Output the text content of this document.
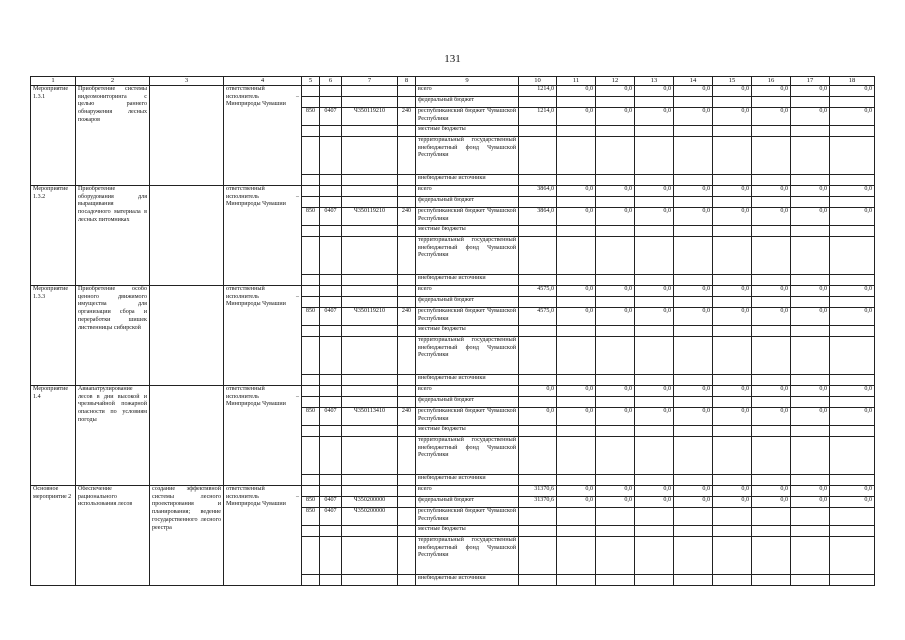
131
1	2	3	4	5	6	7	8	9	10	11	12	13	14	15	16	17	18
Мероприятие 1.3.1	Приобретение системы видеомониторинга с целью раннего обнаружения лесных пожаров		ответственный исполнитель – Минприроды Чувашии					всего	1214,0	0,0	0,0	0,0	0,0	0,0	0,0	0,0	0,0
								федеральный бюджет									
				850	0407	Ч350119210	240	республиканский бюджет Чувашской Республики	1214,0	0,0	0,0	0,0	0,0	0,0	0,0	0,0	0,0
								местные бюджеты									
								территориальный государственный внебюджетный фонд Чувашской Республики									
								внебюджетные источники									
Мероприятие 1.3.2	Приобретение оборудования для выращивания посадочного материала в лесных питомниках		ответственный исполнитель – Минприроды Чувашии					всего	3864,0	0,0	0,0	0,0	0,0	0,0	0,0	0,0	0,0
								федеральный бюджет									
				850	0407	Ч350119210	240	республиканский бюджет Чувашской Республики	3864,0	0,0	0,0	0,0	0,0	0,0	0,0	0,0	0,0
								местные бюджеты									
								территориальный государственный внебюджетный фонд Чувашской Республики									
								внебюджетные источники									
Мероприятие 1.3.3	Приобретение особо ценного движимого имущества для организации сбора и переработки шишек лиственницы сибирской		ответственный исполнитель – Минприроды Чувашии					всего	4575,0	0,0	0,0	0,0	0,0	0,0	0,0	0,0	0,0
								федеральный бюджет									
				850	0407	Ч350119210	240	республиканский бюджет Чувашской Республики	4575,0	0,0	0,0	0,0	0,0	0,0	0,0	0,0	0,0
								местные бюджеты									
								территориальный государственный внебюджетный фонд Чувашской Республики									
								внебюджетные источники									
Мероприятие 1.4	Авиапатрулирование лесов в дни высокой и чрезвычайной пожарной опасности по условиям погоды		ответственный исполнитель – Минприроды Чувашии					всего	0,0	0,0	0,0	0,0	0,0	0,0	0,0	0,0	0,0
								федеральный бюджет									
				850	0407	Ч350113410	240	республиканский бюджет Чувашской Республики	0,0	0,0	0,0	0,0	0,0	0,0	0,0	0,0	0,0
								местные бюджеты									
								территориальный государственный внебюджетный фонд Чувашской Республики									
								внебюджетные источники									
Основное мероприятие 2	Обеспечение рационального использования лесов	создание эффективной системы лесного проектирования и планирования; ведение государственного лесного реестра	ответственный исполнитель – Минприроды Чувашии					всего	31370,6	0,0	0,0	0,0	0,0	0,0	0,0	0,0	0,0
				850	0407	Ч350200000		федеральный бюджет	31370,6	0,0	0,0	0,0	0,0	0,0	0,0	0,0	0,0
				850	0407	Ч350200000		республиканский бюджет Чувашской Республики									
								местные бюджеты									
								территориальный государственный внебюджетный фонд Чувашской Республики									
								внебюджетные источники									
